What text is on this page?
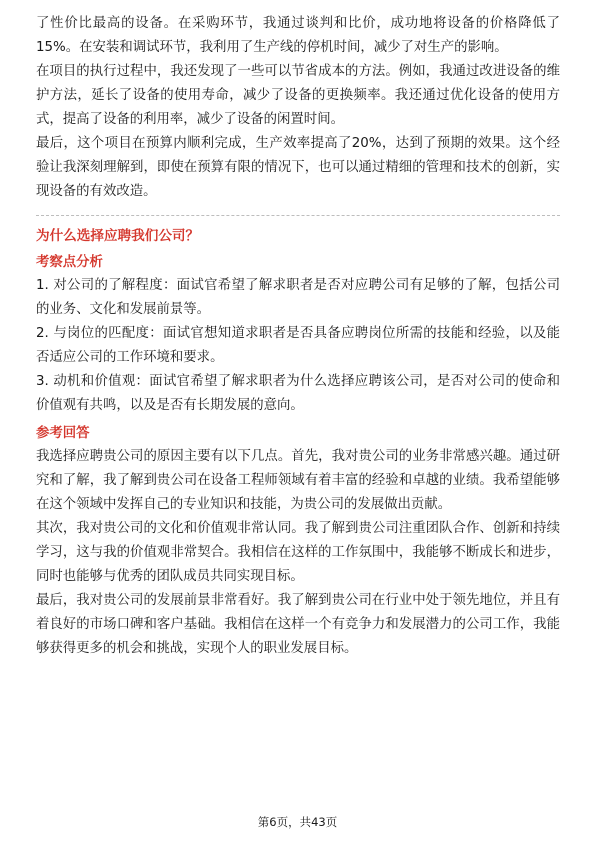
了性价比最高的设备。在采购环节，我通过谈判和比价，成功地将设备的价格降低了15%。在安装和调试环节，我利用了生产线的停机时间，减少了对生产的影响。

在项目的执行过程中，我还发现了一些可以节省成本的方法。例如，我通过改进设备的维护方法，延长了设备的使用寿命，减少了设备的更换频率。我还通过优化设备的使用方式，提高了设备的利用率，减少了设备的闲置时间。

最后，这个项目在预算内顺利完成，生产效率提高了20%，达到了预期的效果。这个经验让我深刻理解到，即使在预算有限的情况下，也可以通过精细的管理和技术的创新，实现设备的有效改造。

为什么选择应聘我们公司？
考察点分析

1. 对公司的了解程度：面试官希望了解求职者是否对应聘公司有足够的了解，包括公司的业务、文化和发展前景等。

2. 与岗位的匹配度：面试官想知道求职者是否具备应聘岗位所需的技能和经验，以及能否适应公司的工作环境和要求。

3. 动机和价值观：面试官希望了解求职者为什么选择应聘该公司，是否对公司的使命和价值观有共鸣，以及是否有长期发展的意向。

参考回答

我选择应聘贵公司的原因主要有以下几点。首先，我对贵公司的业务非常感兴趣。通过研究和了解，我了解到贵公司在设备工程师领域有着丰富的经验和卓越的业绩。我希望能够在这个领域中发挥自己的专业知识和技能，为贵公司的发展做出贡献。

其次，我对贵公司的文化和价值观非常认同。我了解到贵公司注重团队合作、创新和持续学习，这与我的价值观非常契合。我相信在这样的工作氛围中，我能够不断成长和进步，同时也能够与优秀的团队成员共同实现目标。

最后，我对贵公司的发展前景非常看好。我了解到贵公司在行业中处于领先地位，并且有着良好的市场口碑和客户基础。我相信在这样一个有竞争力和发展潜力的公司工作，我能够获得更多的机会和挑战，实现个人的职业发展目标。

第6页，共43页
